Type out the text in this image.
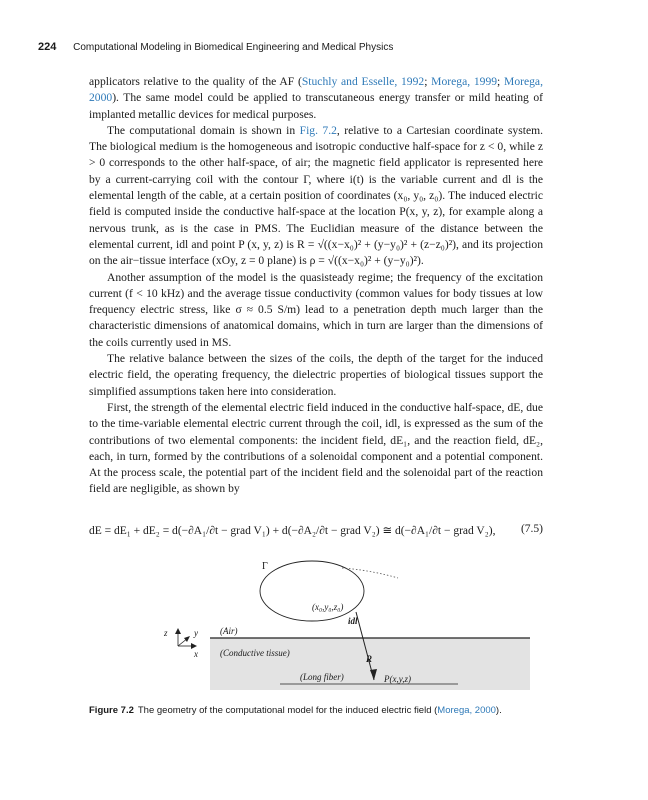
224 Computational Modeling in Biomedical Engineering and Medical Physics

applicators relative to the quality of the AF (Stuchly and Esselle, 1992; Morega, 1999; Morega, 2000). The same model could be applied to transcutaneous energy transfer or mild heating of implanted metallic devices for medical purposes.

The computational domain is shown in Fig. 7.2, relative to a Cartesian coordinate system. The biological medium is the homogeneous and isotropic conductive half-space for z < 0, while z > 0 corresponds to the other half-space, of air; the magnetic field applicator is represented here by a current-carrying coil with the contour Γ, where i(t) is the variable current and dl is the elemental length of the cable, at a certain position of coordinates (x₀, y₀, z₀). The induced electric field is computed inside the conductive half-space at the location P(x, y, z), for example along a nervous trunk, as is the case in PMS. The Euclidian measure of the distance between the elemental current, idl and point P (x, y, z) is R = √((x−x₀)² + (y−y₀)² + (z−z₀)²), and its projection on the air−tissue interface (xOy, z = 0 plane) is ρ = √((x−x₀)² + (y−y₀)²).

Another assumption of the model is the quasisteady regime; the frequency of the excitation current (f < 10 kHz) and the average tissue conductivity (common values for body tissues at low frequency electric stress, like σ ≈ 0.5 S/m) lead to a penetration depth much larger than the characteristic dimensions of anatomical domains, which in turn are larger than the dimensions of the coils currently used in MS.

The relative balance between the sizes of the coils, the depth of the target for the induced electric field, the operating frequency, the dielectric properties of biological tissues support the simplified assumptions taken here into consideration.

First, the strength of the elemental electric field induced in the conductive half-space, dE, due to the time-variable elemental electric current through the coil, idl, is expressed as the sum of the contributions of two elemental components: the incident field, dE₁, and the reaction field, dE₂, each, in turn, formed by the contributions of a solenoidal component and a potential component. At the process scale, the potential part of the incident field and the solenoidal part of the reaction field are negligible, as shown by

dE = dE₁ + dE₂ = d(−∂A₁/∂t − grad V₁) + d(−∂A₂/∂t − grad V₂) ≅ d(−∂A₁/∂t − grad V₂), (7.5)
Γ
(x₀,y₀,z₀)
idl
z	y
x
(Air)
(Conductive tissue)
R
(Long fiber)	P(x,y,z)
Figure 7.2 The geometry of the computational model for the induced electric field (Morega, 2000).
